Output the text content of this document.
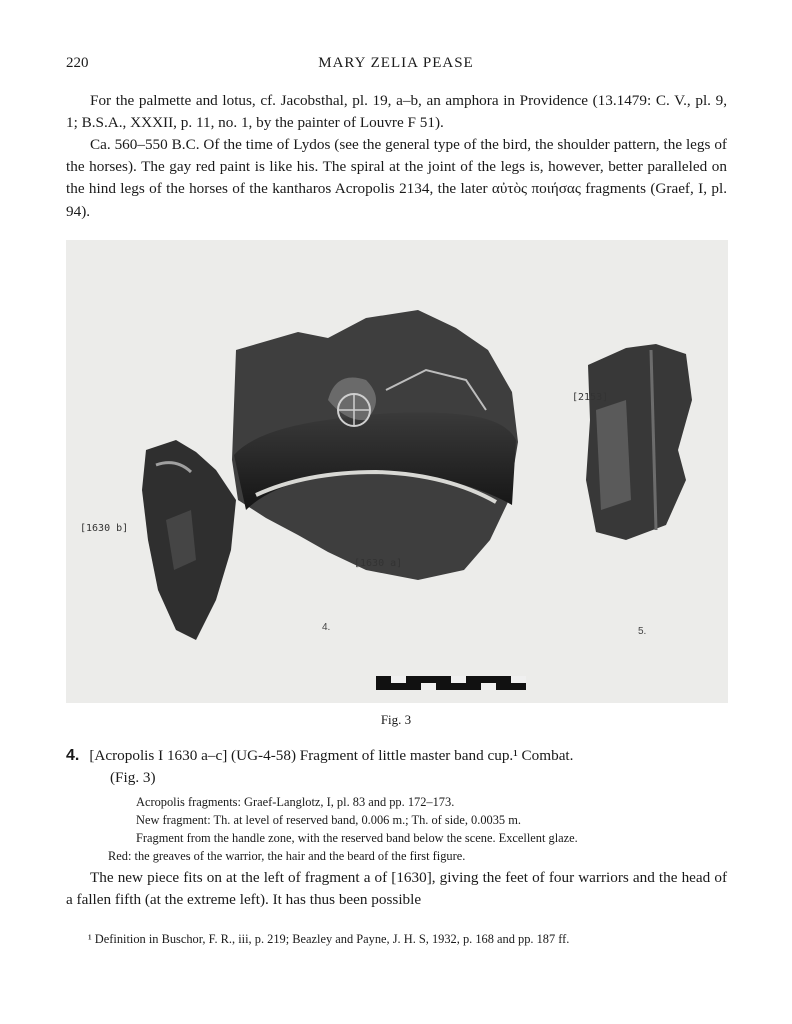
220	MARY ZELIA PEASE
For the palmette and lotus, cf. Jacobsthal, pl. 19, a–b, an amphora in Providence (13.1479: C. V., pl. 9, 1; B.S.A., XXXII, p. 11, no. 1, by the painter of Louvre F 51).
Ca. 560–550 B.C. Of the time of Lydos (see the general type of the bird, the shoulder pattern, the legs of the horses). The gay red paint is like his. The spiral at the joint of the legs is, however, better paralleled on the hind legs of the horses of the kantharos Acropolis 2134, the later αὐτὸς ποιήσας fragments (Graef, I, pl. 94).
[1630 b]
[1630 a]
[2153]
4.	5.
Fig. 3
4. [Acropolis I 1630 a–c] (UG-4-58) Fragment of little master band cup.¹ Combat.
(Fig. 3)
Acropolis fragments: Graef-Langlotz, I, pl. 83 and pp. 172–173.
New fragment: Th. at level of reserved band, 0.006 m.; Th. of side, 0.0035 m.
Fragment from the handle zone, with the reserved band below the scene. Excellent glaze.
Red: the greaves of the warrior, the hair and the beard of the first figure.
The new piece fits on at the left of fragment a of [1630], giving the feet of four warriors and the head of a fallen fifth (at the extreme left). It has thus been possible
¹ Definition in Buschor, F. R., iii, p. 219; Beazley and Payne, J. H. S, 1932, p. 168 and pp. 187 ff.
